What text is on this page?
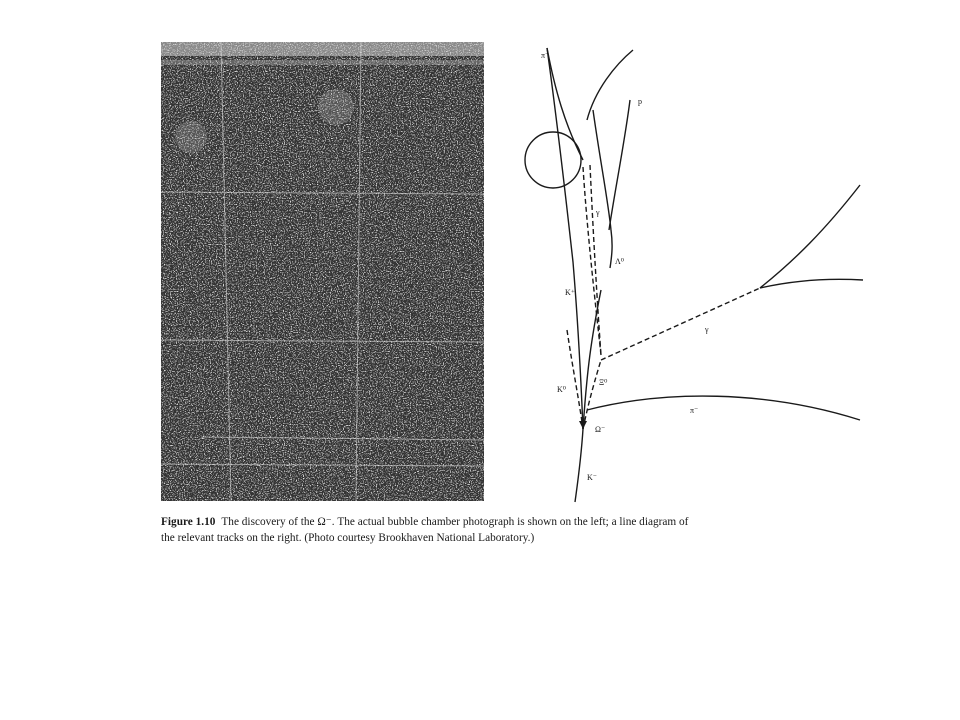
π⁻
p
γ
Λ⁰
K⁺
γ
K⁰
Ξ⁰
π⁻
Ω⁻
K⁻

Figure 1.10 The discovery of the Ω⁻. The actual bubble chamber photograph is shown on the left; a line diagram of the relevant tracks on the right. (Photo courtesy Brookhaven National Laboratory.)
